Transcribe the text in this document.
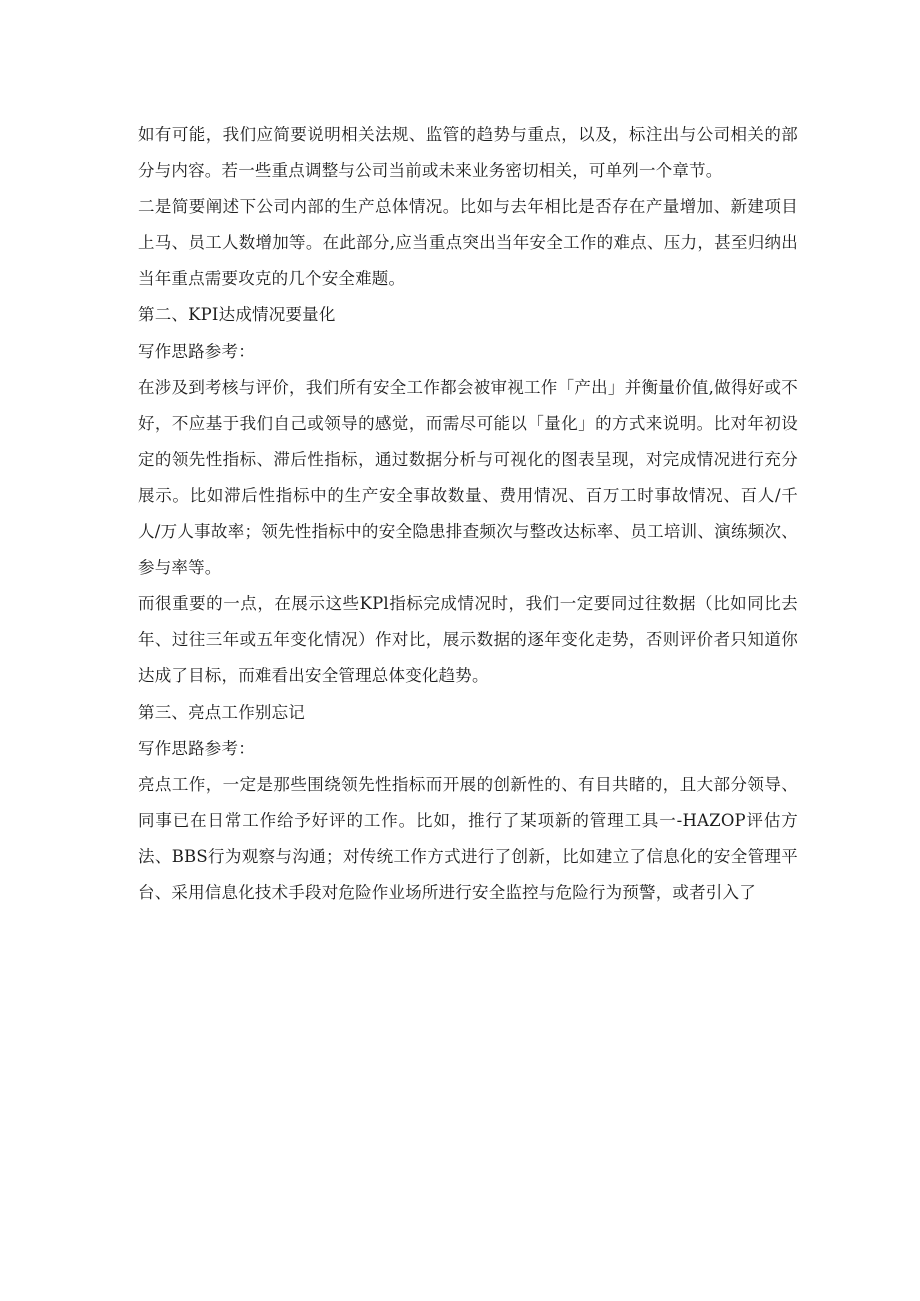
如有可能，我们应简要说明相关法规、监管的趋势与重点，以及，标注出与公司相关的部分与内容。若一些重点调整与公司当前或未来业务密切相关，可单列一个章节。

二是简要阐述下公司内部的生产总体情况。比如与去年相比是否存在产量增加、新建项目上马、员工人数增加等。在此部分,应当重点突出当年安全工作的难点、压力，甚至归纳出当年重点需要攻克的几个安全难题。

第二、KPI达成情况要量化

写作思路参考：

在涉及到考核与评价，我们所有安全工作都会被审视工作「产出」并衡量价值,做得好或不好，不应基于我们自己或领导的感觉，而需尽可能以「量化」的方式来说明。比对年初设定的领先性指标、滞后性指标，通过数据分析与可视化的图表呈现，对完成情况进行充分展示。比如滞后性指标中的生产安全事故数量、费用情况、百万工时事故情况、百人/千人/万人事故率；领先性指标中的安全隐患排查频次与整改达标率、员工培训、演练频次、参与率等。

而很重要的一点，在展示这些KPl指标完成情况时，我们一定要同过往数据（比如同比去年、过往三年或五年变化情况）作对比，展示数据的逐年变化走势，否则评价者只知道你达成了目标，而难看出安全管理总体变化趋势。

第三、亮点工作别忘记

写作思路参考：

亮点工作，一定是那些围绕领先性指标而开展的创新性的、有目共睹的，且大部分领导、同事已在日常工作给予好评的工作。比如，推行了某项新的管理工具一-HAZOP评估方法、BBS行为观察与沟通；对传统工作方式进行了创新，比如建立了信息化的安全管理平台、采用信息化技术手段对危险作业场所进行安全监控与危险行为预警，或者引入了
